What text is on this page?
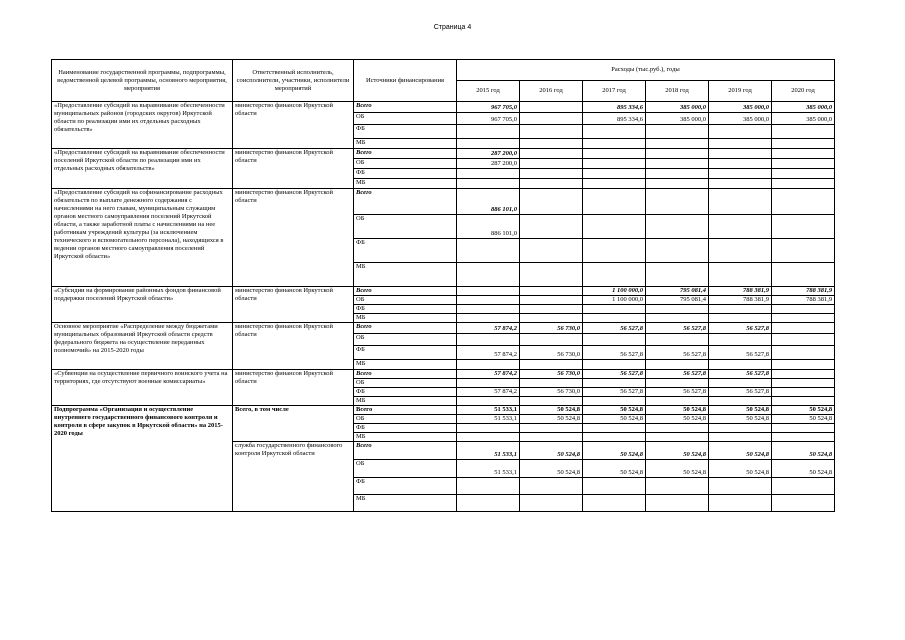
Страница 4
Наименование государственной программы, подпрограммы, ведомственной целевой программы, основного мероприятия, мероприятия	Ответственный исполнитель, соисполнители, участники, исполнители мероприятий	Источники финансирования	Расходы (тыс.руб.), годы					
			2015 год	2016 год	2017 год	2018 год	2019 год	2020 год
«Предоставление субсидий на выравнивание обеспеченности муниципальных районов (городских округов) Иркутской области по реализации ими их отдельных расходных обязательств»	министерство финансов Иркутской области	Всего	967 705,0		895 334,6	385 000,0	385 000,0	385 000,0
		ОБ	967 705,0		895 334,6	385 000,0	385 000,0	385 000,0
		ФБ						
		МБ						
«Предоставление субсидий на выравнивание обеспеченности поселений Иркутской области по реализации ими их отдельных расходных обязательств»	министерство финансов Иркутской области	Всего	287 200,0					
		ОБ	287 200,0					
		ФБ						
		МБ						
«Предоставление субсидий на софинансирование расходных обязательств по выплате денежного содержания с начислениями на него главам, муниципальным служащим органов местного самоуправления поселений Иркутской области, а также заработной платы с начислениями на нее работникам учреждений культуры (за исключением технического и вспомогательного персонала), находящихся в ведении органов местного самоуправления поселений Иркутской области»	министерство финансов Иркутской области	Всего	886 101,0					
		ОБ	886 101,0					
		ФБ						
		МБ						
«Субсидии на формирование районных фондов финансовой поддержки поселений Иркутской области»	министерство финансов Иркутской области	Всего			1 100 000,0	795 081,4	788 381,9	788 381,9
		ОБ			1 100 000,0	795 081,4	788 381,9	788 381,9
		ФБ						
		МБ						
Основное мероприятие «Распределение между бюджетами муниципальных образований Иркутской области средств федерального бюджета на осуществление переданных полномочий» на 2015-2020 годы	министерство финансов Иркутской области	Всего	57 874,2	56 730,0	56 527,8	56 527,8	56 527,8	
		ОБ						
		ФБ	57 874,2	56 730,0	56 527,8	56 527,8	56 527,8	
		МБ						
«Субвенции на осуществление первичного воинского учета на территориях, где отсутствуют военные комиссариаты»	министерство финансов Иркутской области	Всего	57 874,2	56 730,0	56 527,8	56 527,8	56 527,8	
		ОБ						
		ФБ	57 874,2	56 730,0	56 527,8	56 527,8	56 527,8	
		МБ						
Подпрограмма «Организация и осуществление внутреннего государственного финансового контроля и контроля в сфере закупок в Иркутской области» на 2015-2020 годы	Всего, в том числе	Всего	51 533,1	50 524,8	50 524,8	50 524,8	50 524,8	50 524,8
		ОБ	51 533,1	50 524,8	50 524,8	50 524,8	50 524,8	50 524,8
		ФБ						
		МБ						
	служба государственного финансового контроля Иркутской области	Всего	51 533,1	50 524,8	50 524,8	50 524,8	50 524,8	50 524,8
		ОБ	51 533,1	50 524,8	50 524,8	50 524,8	50 524,8	50 524,8
		ФБ						
		МБ						
